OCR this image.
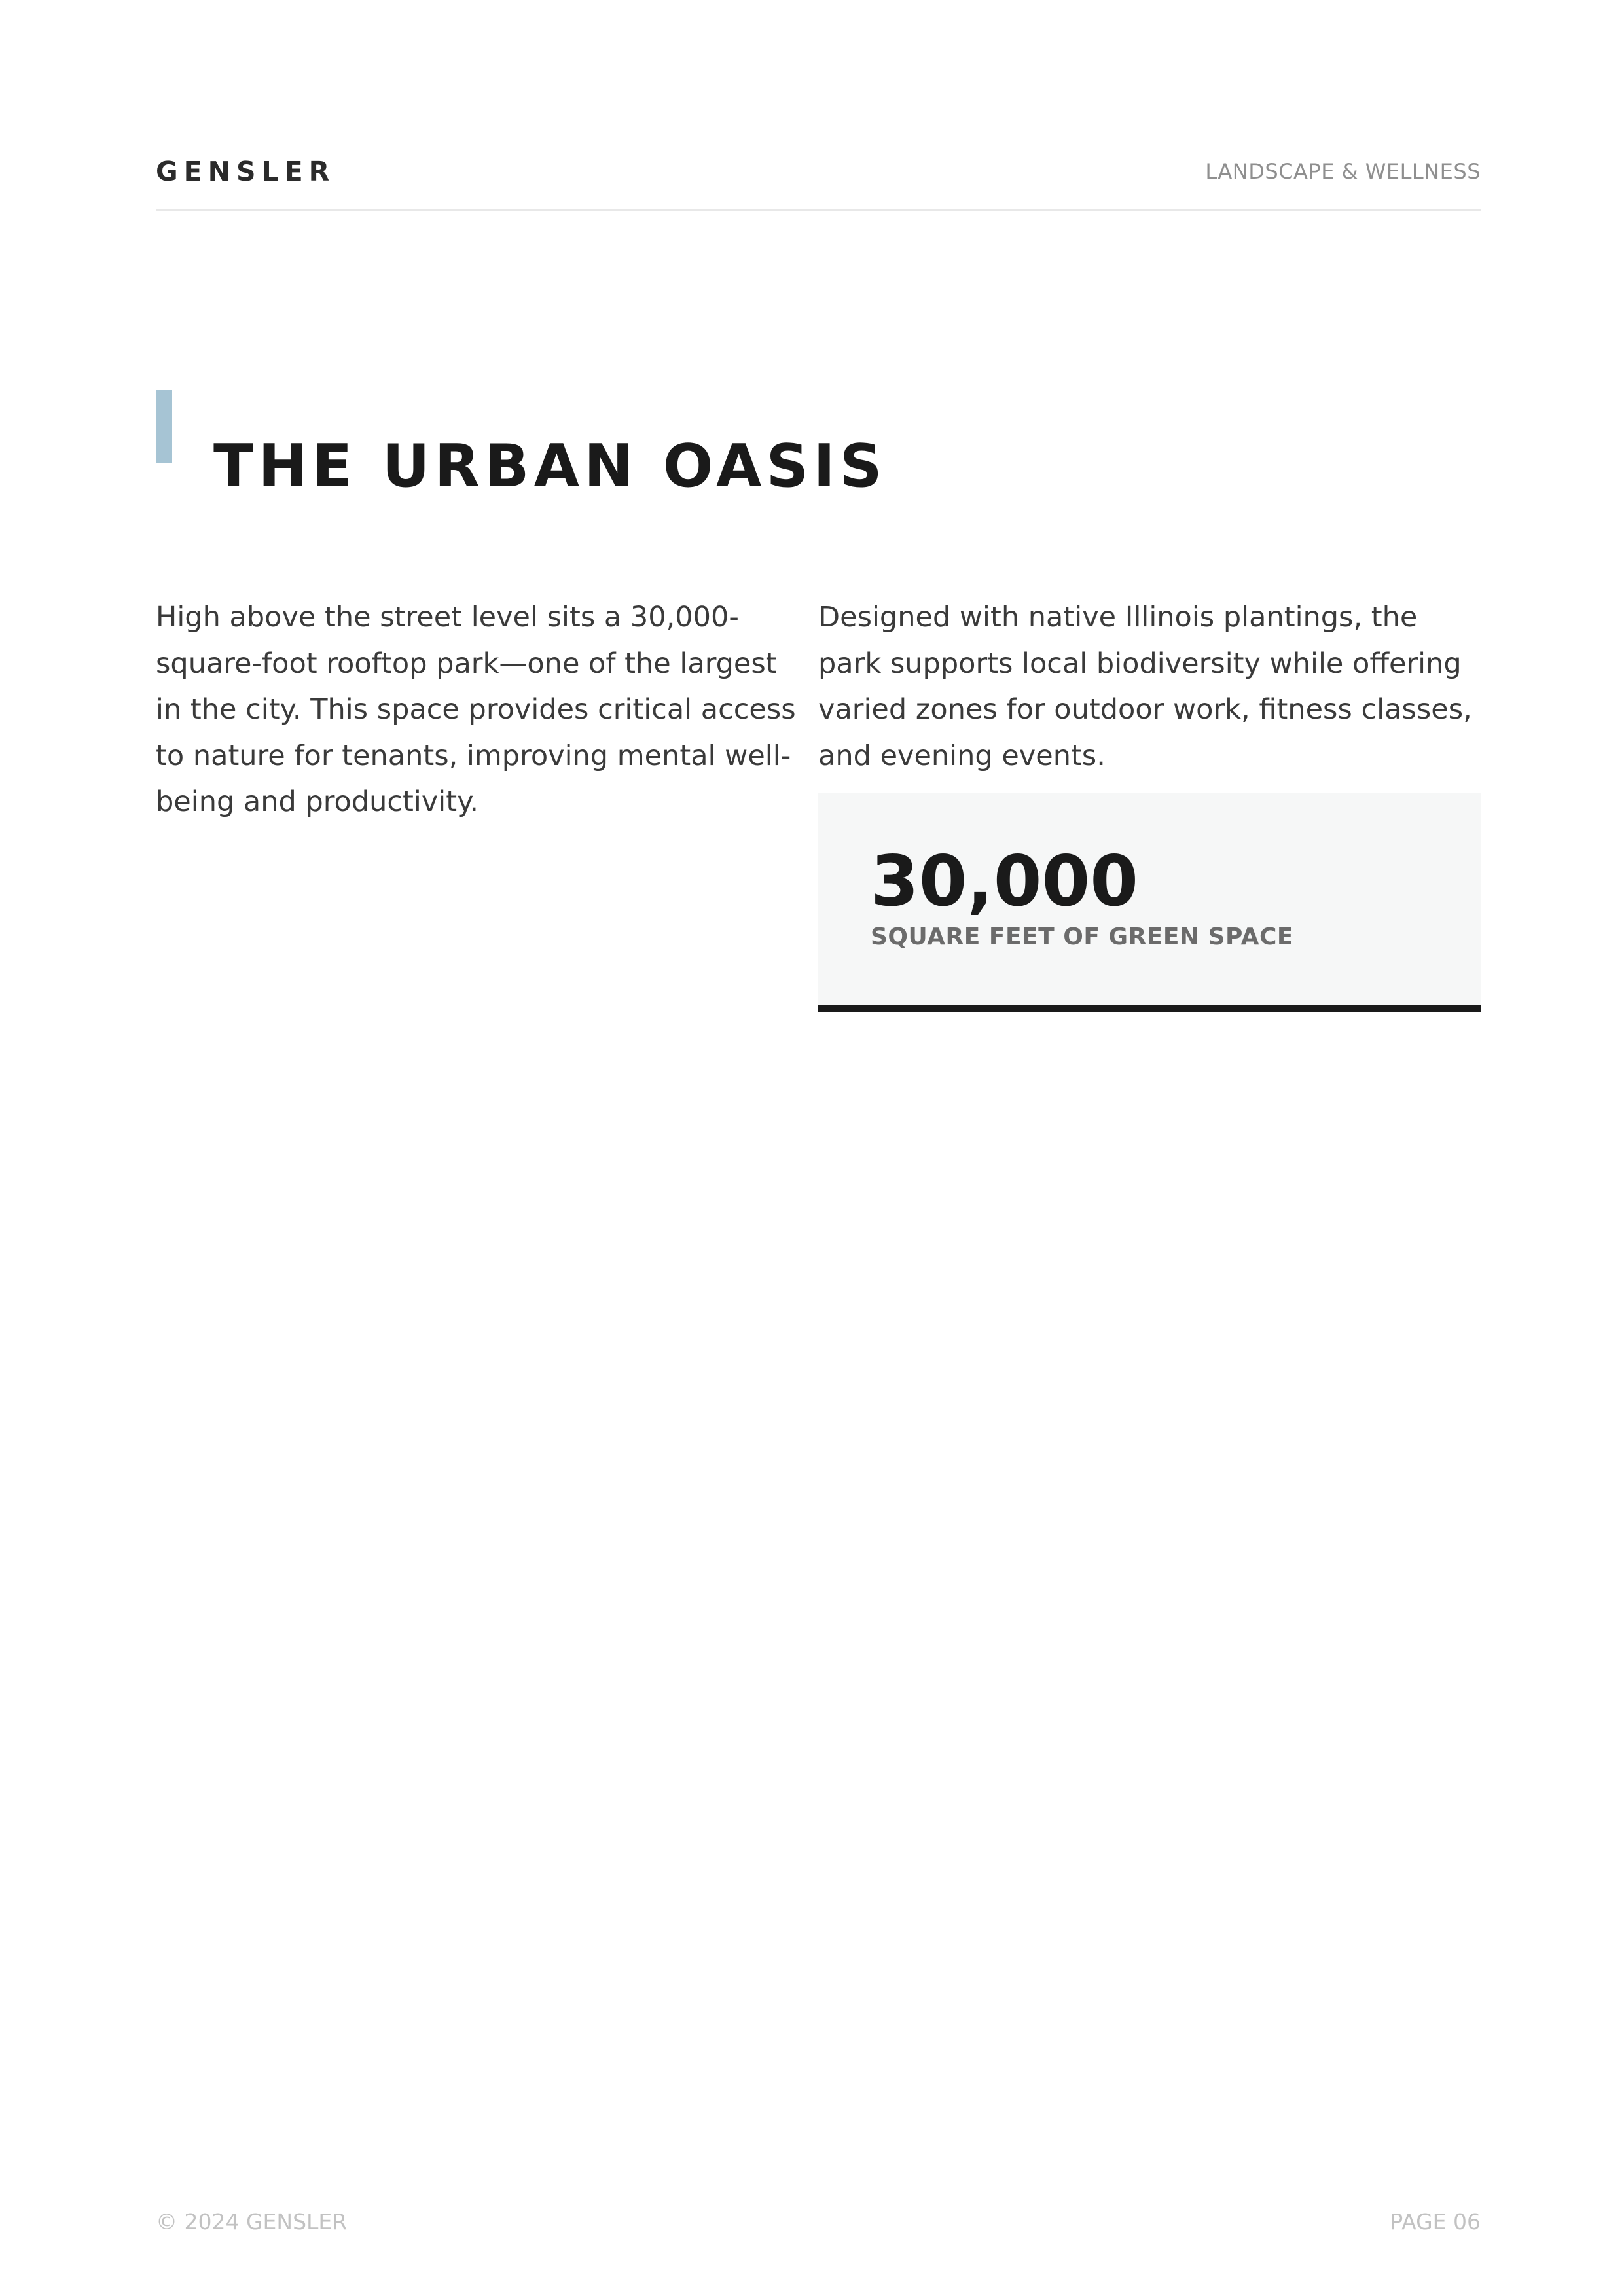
GENSLER	LANDSCAPE & WELLNESS
THE URBAN OASIS

High above the street level sits a 30,000-square-foot rooftop park—one of the largest in the city. This space provides critical access to nature for tenants, improving mental well-being and productivity.

Designed with native Illinois plantings, the park supports local biodiversity while offering varied zones for outdoor work, fitness classes, and evening events.

30,000
SQUARE FEET OF GREEN SPACE
© 2024 GENSLER	PAGE 06
